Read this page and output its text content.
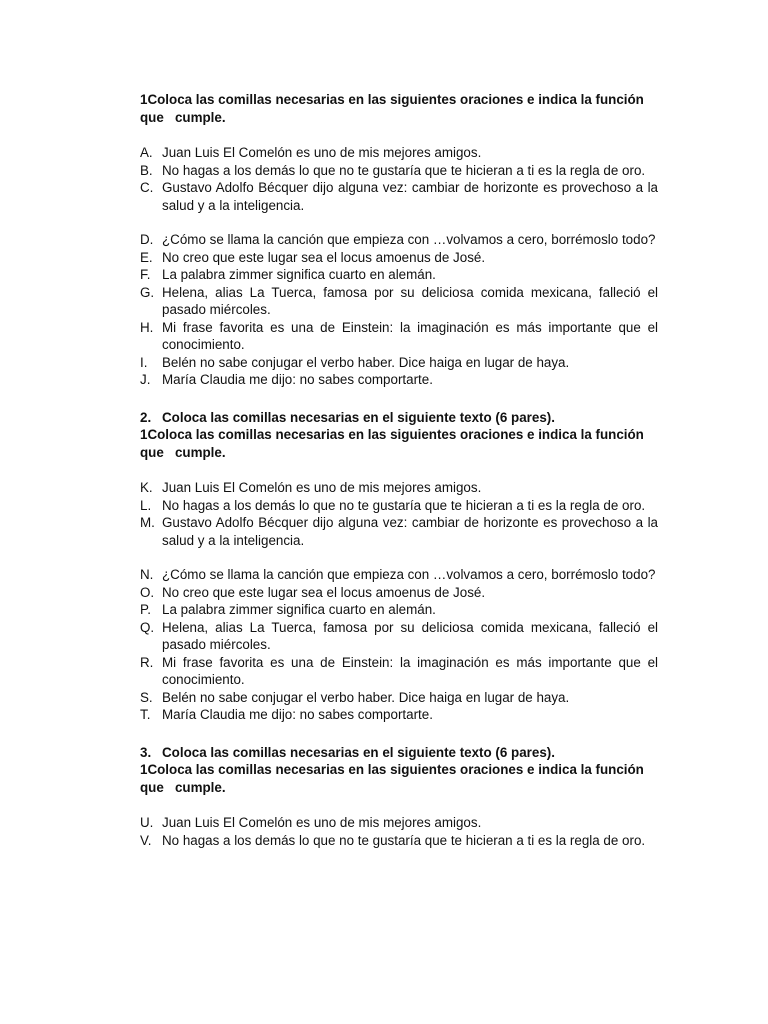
1Coloca las comillas necesarias en las siguientes oraciones e indica la función que   cumple.

A. Juan Luis El Comelón es uno de mis mejores amigos.
B. No hagas a los demás lo que no te gustaría que te hicieran a ti es la regla de oro.
C. Gustavo Adolfo Bécquer dijo alguna vez: cambiar de horizonte es provechoso a la salud y a la inteligencia.
D. ¿Cómo se llama la canción que empieza con …volvamos a cero, borrémoslo todo?
E. No creo que este lugar sea el locus amoenus de José.
F. La palabra zimmer significa cuarto en alemán.
G. Helena, alias La Tuerca, famosa por su deliciosa comida mexicana, falleció el pasado miércoles.
H. Mi frase favorita es una de Einstein: la imaginación es más importante que el conocimiento.
I. Belén no sabe conjugar el verbo haber. Dice haiga en lugar de haya.
J. María Claudia me dijo: no sabes comportarte.

2. Coloca las comillas necesarias en el siguiente texto (6 pares).

1Coloca las comillas necesarias en las siguientes oraciones e indica la función que   cumple.

K. Juan Luis El Comelón es uno de mis mejores amigos.
L. No hagas a los demás lo que no te gustaría que te hicieran a ti es la regla de oro.
M. Gustavo Adolfo Bécquer dijo alguna vez: cambiar de horizonte es provechoso a la salud y a la inteligencia.
N. ¿Cómo se llama la canción que empieza con …volvamos a cero, borrémoslo todo?
O. No creo que este lugar sea el locus amoenus de José.
P. La palabra zimmer significa cuarto en alemán.
Q. Helena, alias La Tuerca, famosa por su deliciosa comida mexicana, falleció el pasado miércoles.
R. Mi frase favorita es una de Einstein: la imaginación es más importante que el conocimiento.
S. Belén no sabe conjugar el verbo haber. Dice haiga en lugar de haya.
T. María Claudia me dijo: no sabes comportarte.

3. Coloca las comillas necesarias en el siguiente texto (6 pares).

1Coloca las comillas necesarias en las siguientes oraciones e indica la función que   cumple.

U. Juan Luis El Comelón es uno de mis mejores amigos.
V. No hagas a los demás lo que no te gustaría que te hicieran a ti es la regla de oro.
